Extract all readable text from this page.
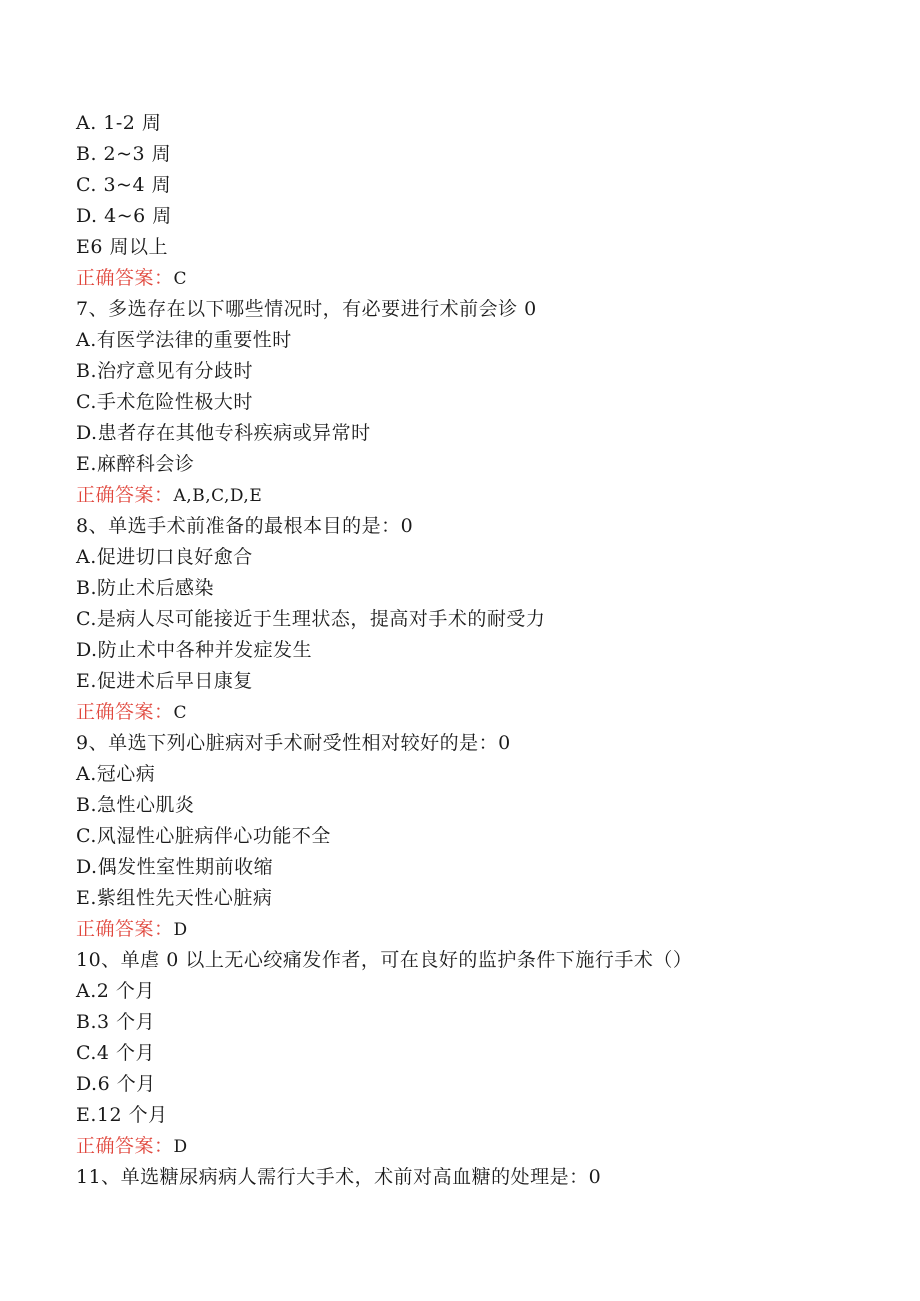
A. 1-2 周
B. 2~3 周
C. 3~4 周
D. 4~6 周
E6 周以上
正确答案：C
7、多选存在以下哪些情况时，有必要进行术前会诊 0
A.有医学法律的重要性时
B.治疗意见有分歧时
C.手术危险性极大时
D.患者存在其他专科疾病或异常时
E.麻醉科会诊
正确答案：A,B,C,D,E
8、单选手术前准备的最根本目的是：0
A.促进切口良好愈合
B.防止术后感染
C.是病人尽可能接近于生理状态，提高对手术的耐受力
D.防止术中各种并发症发生
E.促进术后早日康复
正确答案：C
9、单选下列心脏病对手术耐受性相对较好的是：0
A.冠心病
B.急性心肌炎
C.风湿性心脏病伴心功能不全
D.偶发性室性期前收缩
E.紫组性先天性心脏病
正确答案：D
10、单虐 0 以上无心绞痛发作者，可在良好的监护条件下施行手术（）
A.2 个月
B.3 个月
C.4 个月
D.6 个月
E.12 个月
正确答案：D
11、单选糖尿病病人需行大手术，术前对高血糖的处理是：0
